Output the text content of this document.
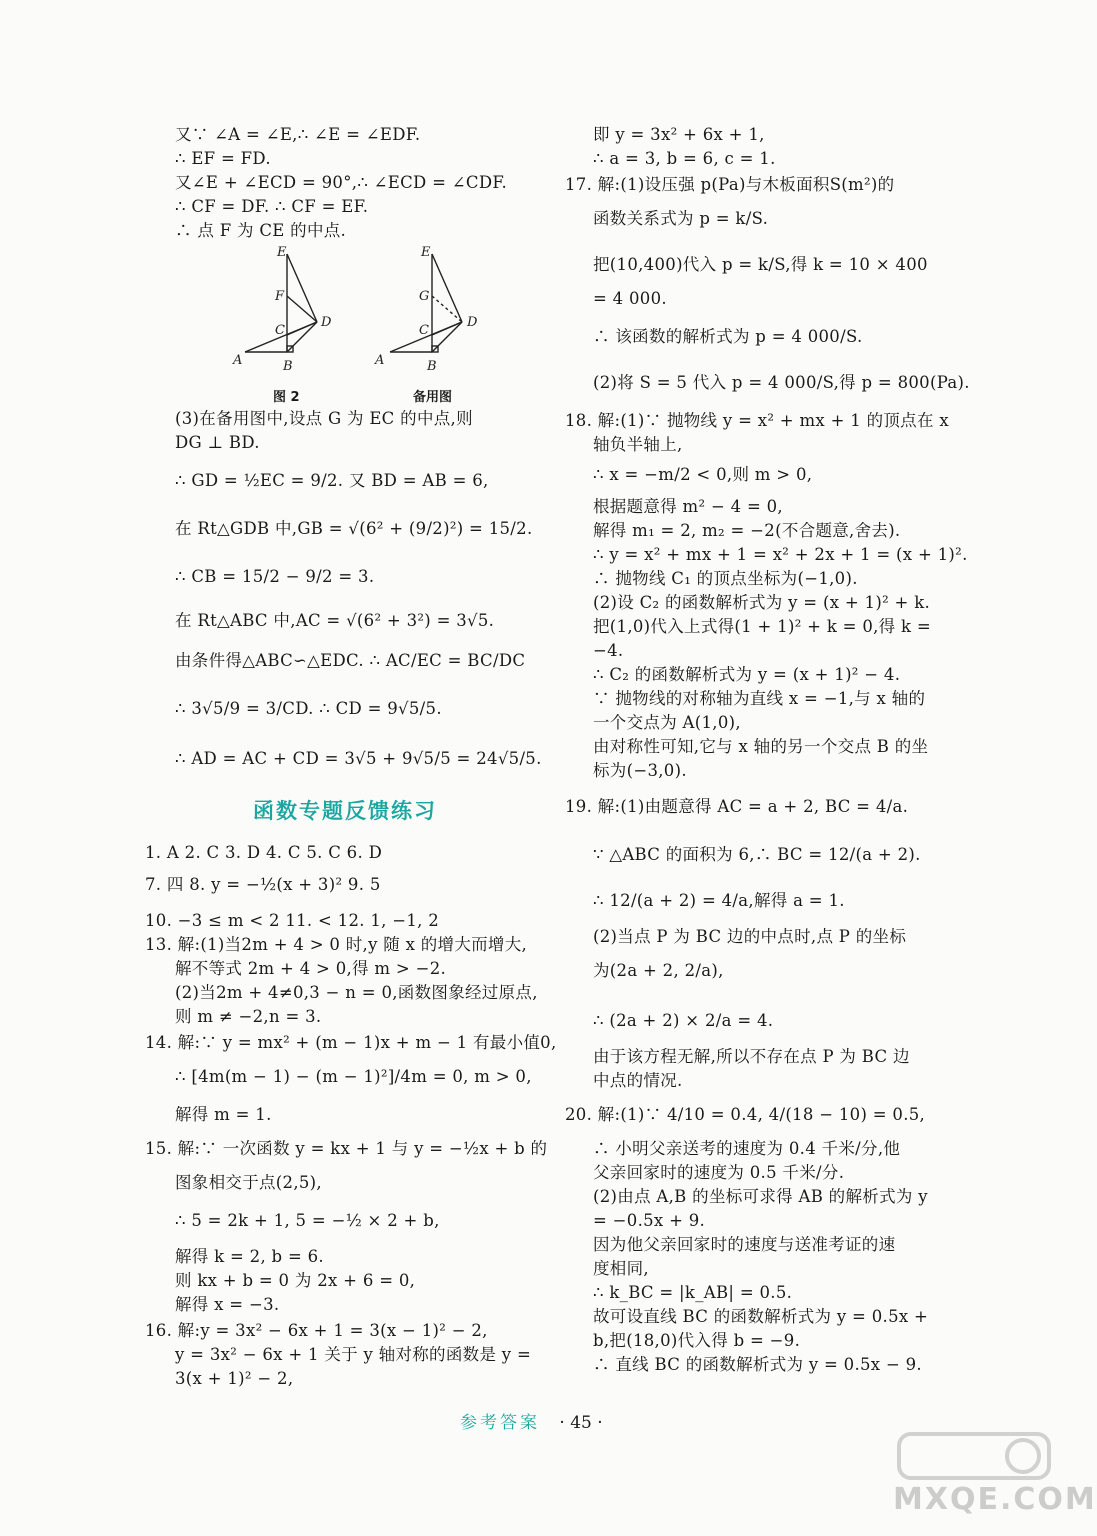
又∵ ∠A = ∠E,∴ ∠E = ∠EDF.
∴ EF = FD.
又∠E + ∠ECD = 90°,∴ ∠ECD = ∠CDF.
∴ CF = DF. ∴ CF = EF.
∴ 点 F 为 CE 的中点.
(3)在备用图中,设点 G 为 EC 的中点,则
DG ⊥ BD.
∴ GD = ½EC = 9/2. 又 BD = AB = 6,
在 Rt△GDB 中,GB = √(6² + (9/2)²) = 15/2.
∴ CB = 15/2 − 9/2 = 3.
在 Rt△ABC 中,AC = √(6² + 3²) = 3√5.
由条件得△ABC∽△EDC. ∴ AC/EC = BC/DC
∴ 3√5/9 = 3/CD. ∴ CD = 9√5/5.
∴ AD = AC + CD = 3√5 + 9√5/5 = 24√5/5.
1. A 2. C 3. D 4. C 5. C 6. D
7. 四 8. y = −½(x + 3)² 9. 5
10. −3 ≤ m < 2 11. < 12. 1, −1, 2
13. 解:(1)当2m + 4 > 0 时,y 随 x 的增大而增大,
解不等式 2m + 4 > 0,得 m > −2.
(2)当2m + 4≠0,3 − n = 0,函数图象经过原点,
则 m ≠ −2,n = 3.
14. 解:∵ y = mx² + (m − 1)x + m − 1 有最小值0,
∴ [4m(m − 1) − (m − 1)²]/4m = 0, m > 0,
解得 m = 1.
15. 解:∵ 一次函数 y = kx + 1 与 y = −½x + b 的
图象相交于点(2,5),
∴ 5 = 2k + 1, 5 = −½ × 2 + b,
解得 k = 2, b = 6.
则 kx + b = 0 为 2x + 6 = 0,
解得 x = −3.
16. 解:y = 3x² − 6x + 1 = 3(x − 1)² − 2,
y = 3x² − 6x + 1 关于 y 轴对称的函数是 y =
3(x + 1)² − 2,
E
F
C
D
A	B
E
G
C
D
A	B
图 2	备用图
函数专题反馈练习
即 y = 3x² + 6x + 1,
∴ a = 3, b = 6, c = 1.
17. 解:(1)设压强 p(Pa)与木板面积S(m²)的
函数关系式为 p = k/S.
把(10,400)代入 p = k/S,得 k = 10 × 400
= 4 000.
∴ 该函数的解析式为 p = 4 000/S.
(2)将 S = 5 代入 p = 4 000/S,得 p = 800(Pa).
18. 解:(1)∵ 抛物线 y = x² + mx + 1 的顶点在 x
轴负半轴上,
∴ x = −m/2 < 0,则 m > 0,
根据题意得 m² − 4 = 0,
解得 m₁ = 2, m₂ = −2(不合题意,舍去).
∴ y = x² + mx + 1 = x² + 2x + 1 = (x + 1)².
∴ 抛物线 C₁ 的顶点坐标为(−1,0).
(2)设 C₂ 的函数解析式为 y = (x + 1)² + k.
把(1,0)代入上式得(1 + 1)² + k = 0,得 k =
−4.
∴ C₂ 的函数解析式为 y = (x + 1)² − 4.
∵ 抛物线的对称轴为直线 x = −1,与 x 轴的
一个交点为 A(1,0),
由对称性可知,它与 x 轴的另一个交点 B 的坐
标为(−3,0).
19. 解:(1)由题意得 AC = a + 2, BC = 4/a.
∵ △ABC 的面积为 6,∴ BC = 12/(a + 2).
∴ 12/(a + 2) = 4/a,解得 a = 1.
(2)当点 P 为 BC 边的中点时,点 P 的坐标
为(2a + 2, 2/a),
∴ (2a + 2) × 2/a = 4.
由于该方程无解,所以不存在点 P 为 BC 边
中点的情况.
20. 解:(1)∵ 4/10 = 0.4, 4/(18 − 10) = 0.5,
∴ 小明父亲送考的速度为 0.4 千米/分,他
父亲回家时的速度为 0.5 千米/分.
(2)由点 A,B 的坐标可求得 AB 的解析式为 y
= −0.5x + 9.
因为他父亲回家时的速度与送准考证的速
度相同,
∴ k_BC = |k_AB| = 0.5.
故可设直线 BC 的函数解析式为 y = 0.5x +
b,把(18,0)代入得 b = −9.
∴ 直线 BC 的函数解析式为 y = 0.5x − 9.
参考答案 · 45 ·
MXQE.COM
